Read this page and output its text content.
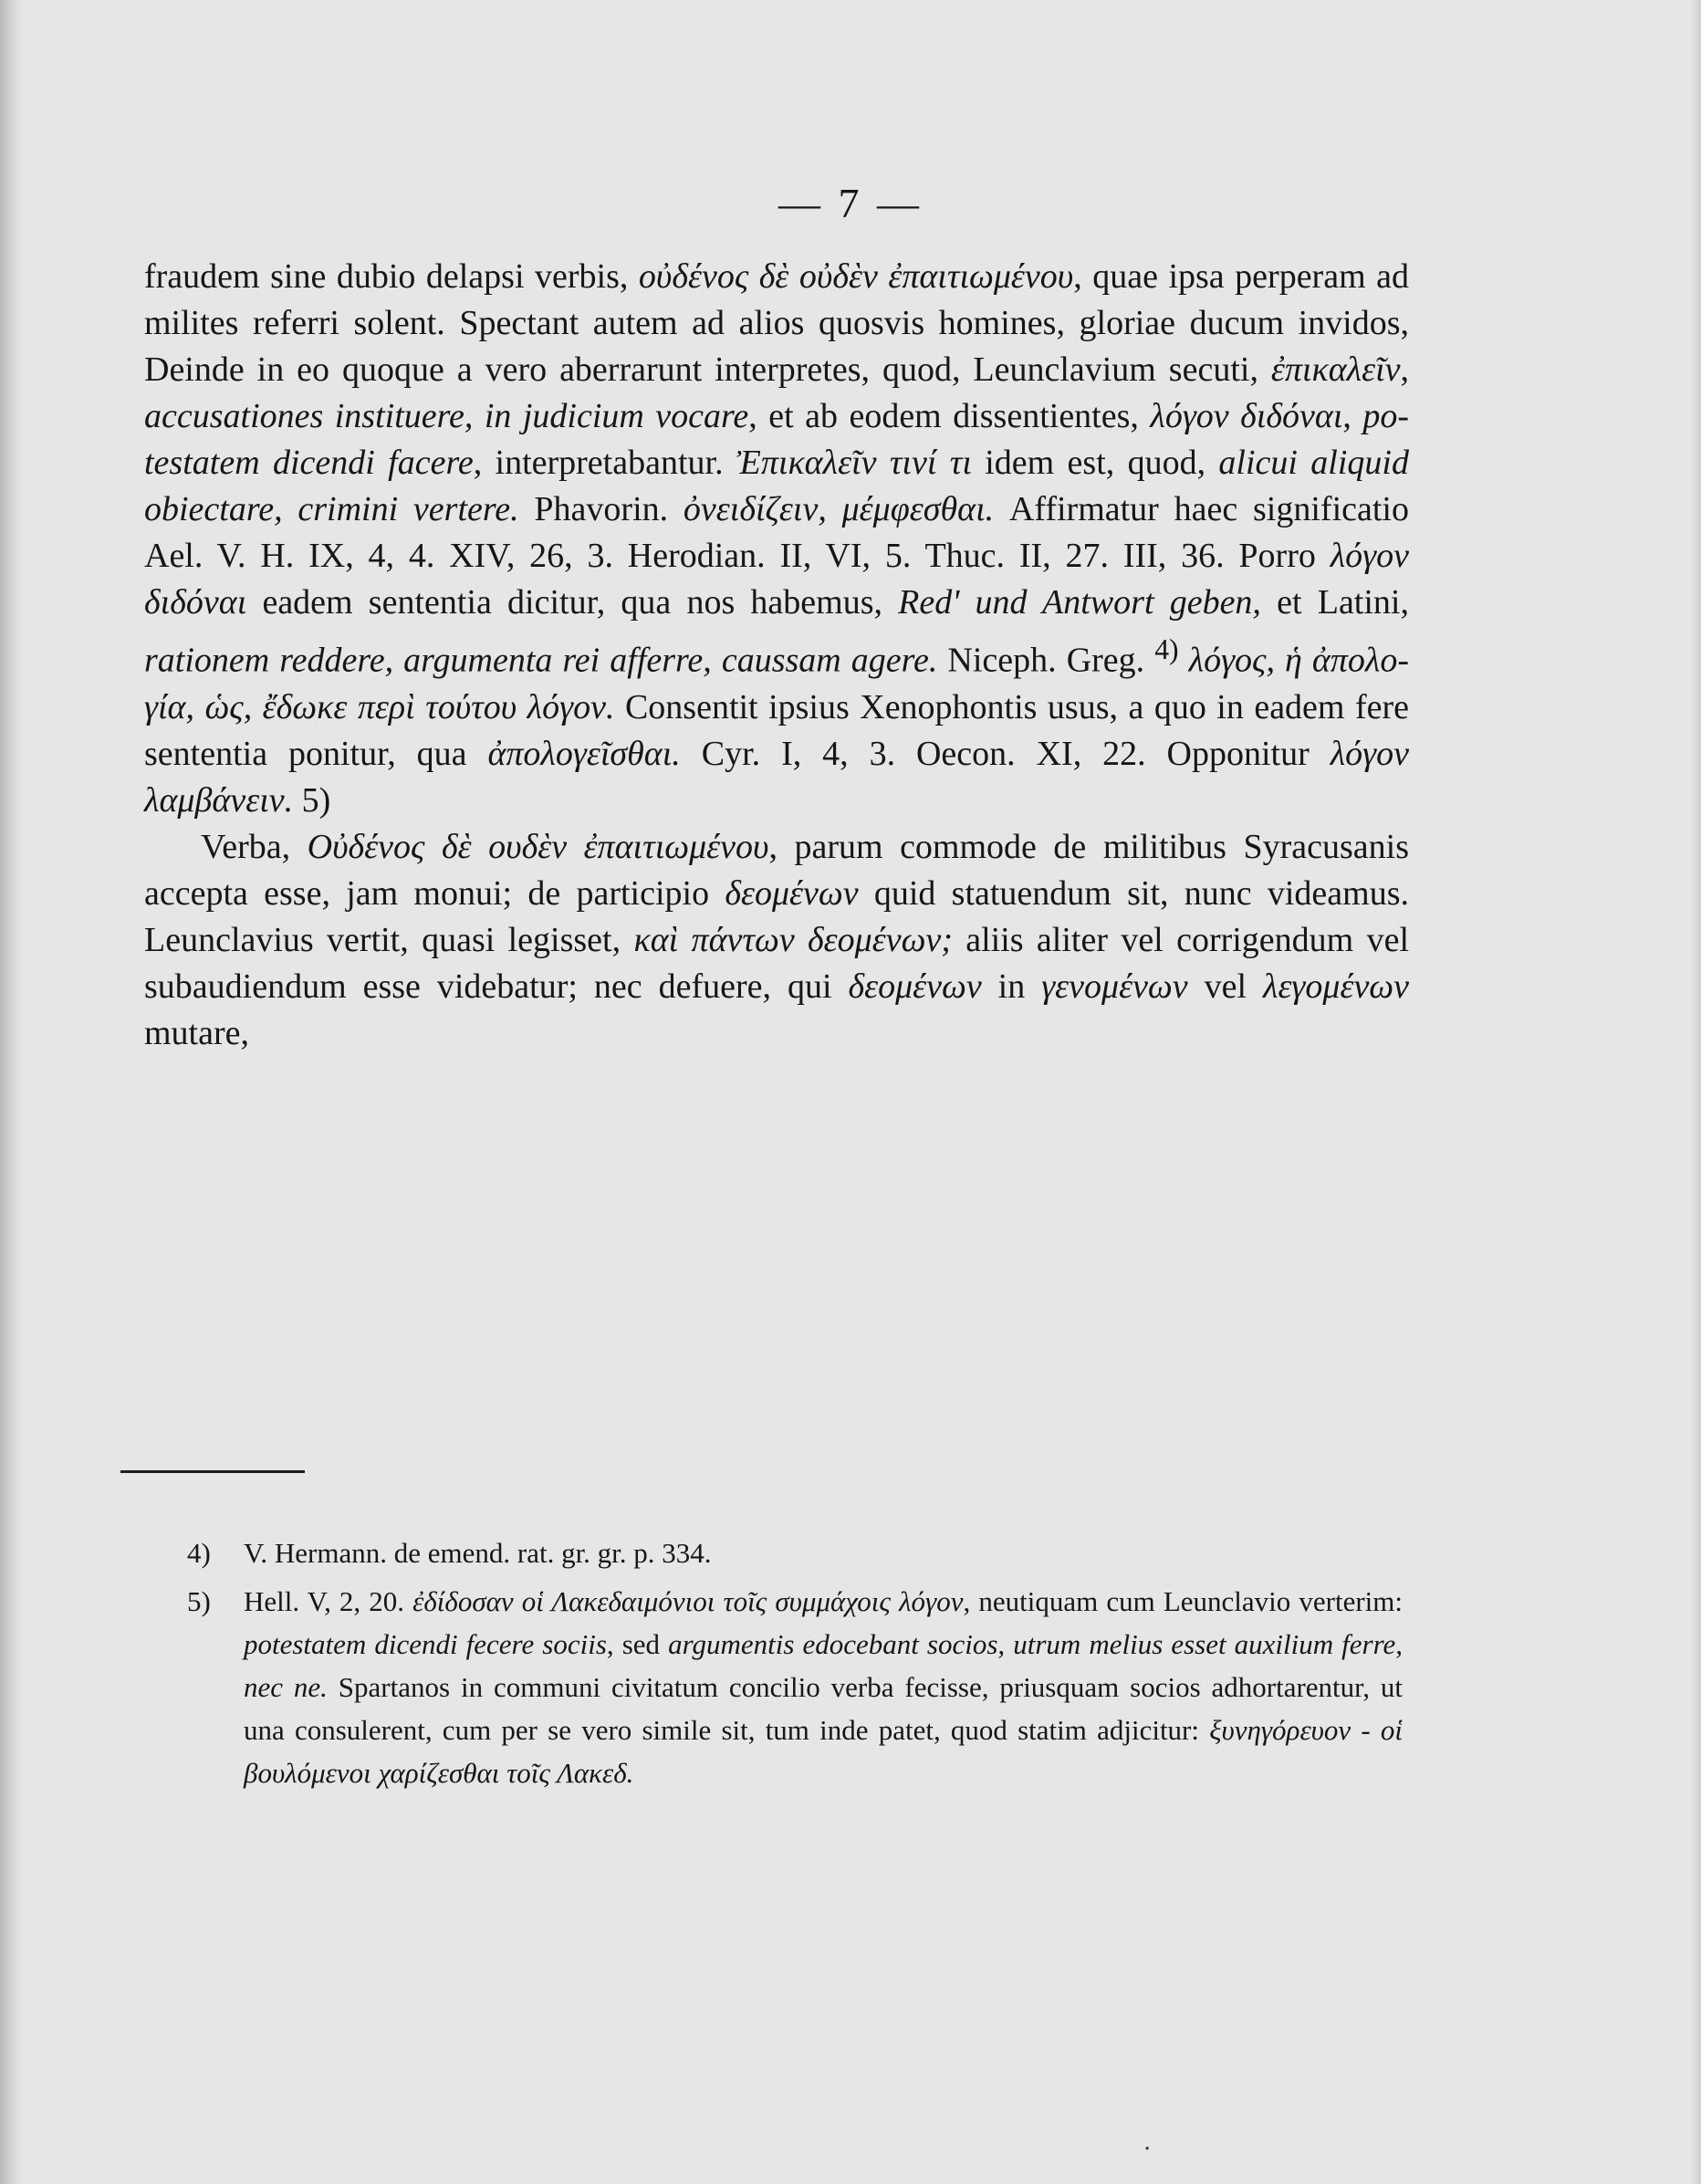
— 7 —

fraudem sine dubio delapsi verbis, οὐδένος δὲ οὐδὲν ἐπαιτιωμένου, quae ipsa perperam ad milites referri solent. Spectant autem ad alios quosvis homines, gloriae ducum invidos, Deinde in eo quoque a vero aberrarunt interpretes, quod, Leunclavium secuti, ἐπικαλεῖν, accusationes instituere, in judicium vocare, et ab eodem dissentientes, λόγον διδόναι, potestatem dicendi facere, interpretabantur. Ἐπικαλεῖν τινί τι idem est, quod, alicui aliquid obiectare, crimini vertere. Phavorin. ὀνειδίζειν, μέμφεσθαι. Affirmatur haec significatio Ael. V. H. IX, 4, 4. XIV, 26, 3. Herodian. II, VI, 5. Thuc. II, 27. III, 36. Porro λόγον διδόναι eadem sententia dicitur, qua nos habemus, Red' und Antwort geben, et Latini, rationem reddere, argumenta rei afferre, caussam agere. Niceph. Greg. $^{4)}$ λόγος, ἡ ἀπολογία, ὡς, ἔδωκε περὶ τούτου λόγον. Consentit ipsius Xenophontis usus, a quo in eadem fere sententia ponitur, qua ἀπολογεῖσθαι. Cyr. I, 4, 3. Oecon. XI, 22. Opponitur λόγον λαμβάνειν. 5)

Verba, Οὐδένος δὲ ουδὲν ἐπαιτιωμένου, parum commode de militibus Syracusanis accepta esse, jam monui; de participio δεομένων quid statuendum sit, nunc videamus. Leunclavius vertit, quasi legisset, καὶ πάντων δεομένων; aliis aliter vel corrigendum vel subaudiendum esse videbatur; nec defuere, qui δεομένων in γενομένων vel λεγομένων mutare,

4)	V. Hermann. de emend. rat. gr. gr. p. 334.
5)	Hell. V, 2, 20. ἐδίδοσαν οἱ Λακεδαιμόνιοι τοῖς συμμάχοις λόγον, neutiquam cum Leunclavio verterim: potestatem dicendi fecere sociis, sed argumentis edocebant socios, utrum melius esset auxilium ferre, nec ne. Spartanos in communi civitatum concilio verba fecisse, priusquam socios adhortarentur, ut una consulerent, cum per se vero simile sit, tum inde patet, quod statim adjicitur: ξυνηγόρευον - οἱ βουλόμενοι χαρίζεσθαι τοῖς Λακεδ.
·
